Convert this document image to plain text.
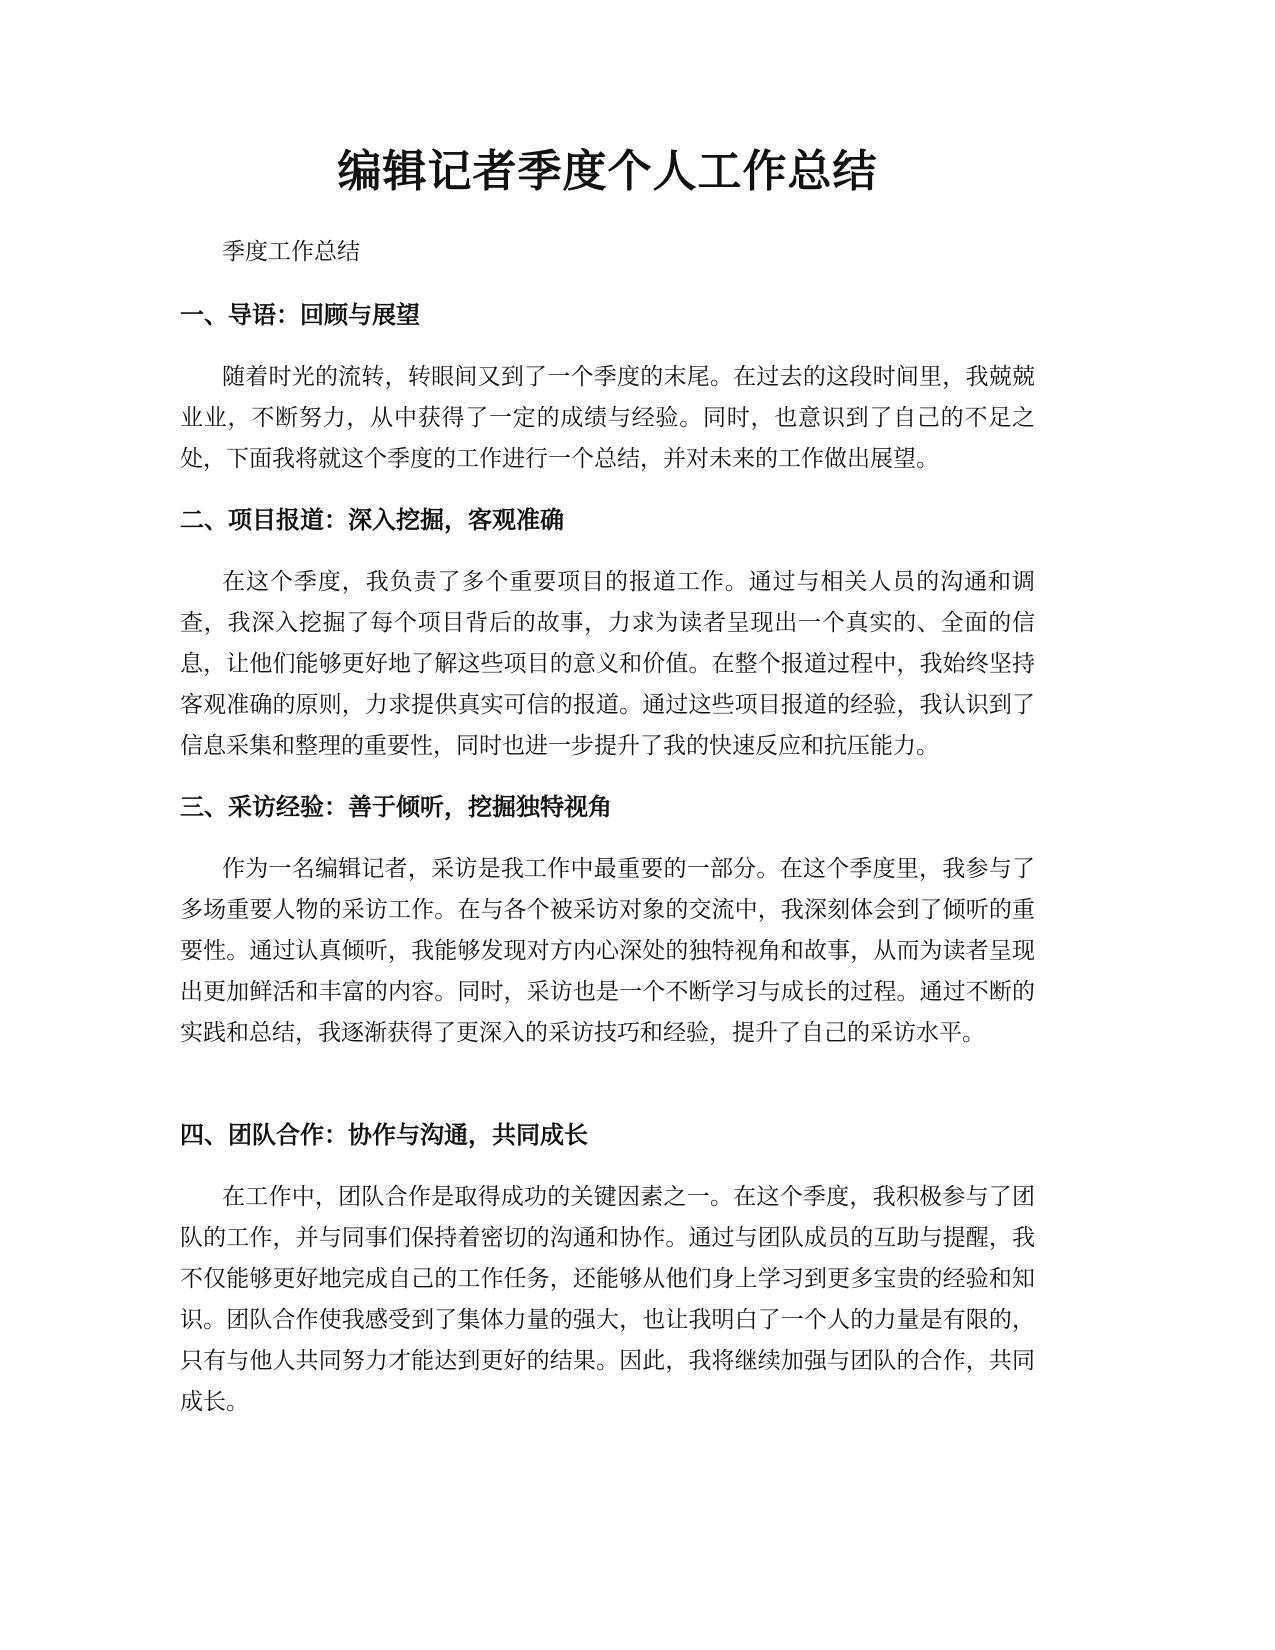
编辑记者季度个人工作总结

季度工作总结

一、导语：回顾与展望

随着时光的流转，转眼间又到了一个季度的末尾。在过去的这段时间里，我兢兢业业，不断努力，从中获得了一定的成绩与经验。同时，也意识到了自己的不足之处，下面我将就这个季度的工作进行一个总结，并对未来的工作做出展望。

二、项目报道：深入挖掘，客观准确

在这个季度，我负责了多个重要项目的报道工作。通过与相关人员的沟通和调查，我深入挖掘了每个项目背后的故事，力求为读者呈现出一个真实的、全面的信息，让他们能够更好地了解这些项目的意义和价值。在整个报道过程中，我始终坚持客观准确的原则，力求提供真实可信的报道。通过这些项目报道的经验，我认识到了信息采集和整理的重要性，同时也进一步提升了我的快速反应和抗压能力。

三、采访经验：善于倾听，挖掘独特视角

作为一名编辑记者，采访是我工作中最重要的一部分。在这个季度里，我参与了多场重要人物的采访工作。在与各个被采访对象的交流中，我深刻体会到了倾听的重要性。通过认真倾听，我能够发现对方内心深处的独特视角和故事，从而为读者呈现出更加鲜活和丰富的内容。同时，采访也是一个不断学习与成长的过程。通过不断的实践和总结，我逐渐获得了更深入的采访技巧和经验，提升了自己的采访水平。

四、团队合作：协作与沟通，共同成长

在工作中，团队合作是取得成功的关键因素之一。在这个季度，我积极参与了团队的工作，并与同事们保持着密切的沟通和协作。通过与团队成员的互助与提醒，我不仅能够更好地完成自己的工作任务，还能够从他们身上学习到更多宝贵的经验和知识。团队合作使我感受到了集体力量的强大，也让我明白了一个人的力量是有限的，只有与他人共同努力才能达到更好的结果。因此，我将继续加强与团队的合作，共同成长。
